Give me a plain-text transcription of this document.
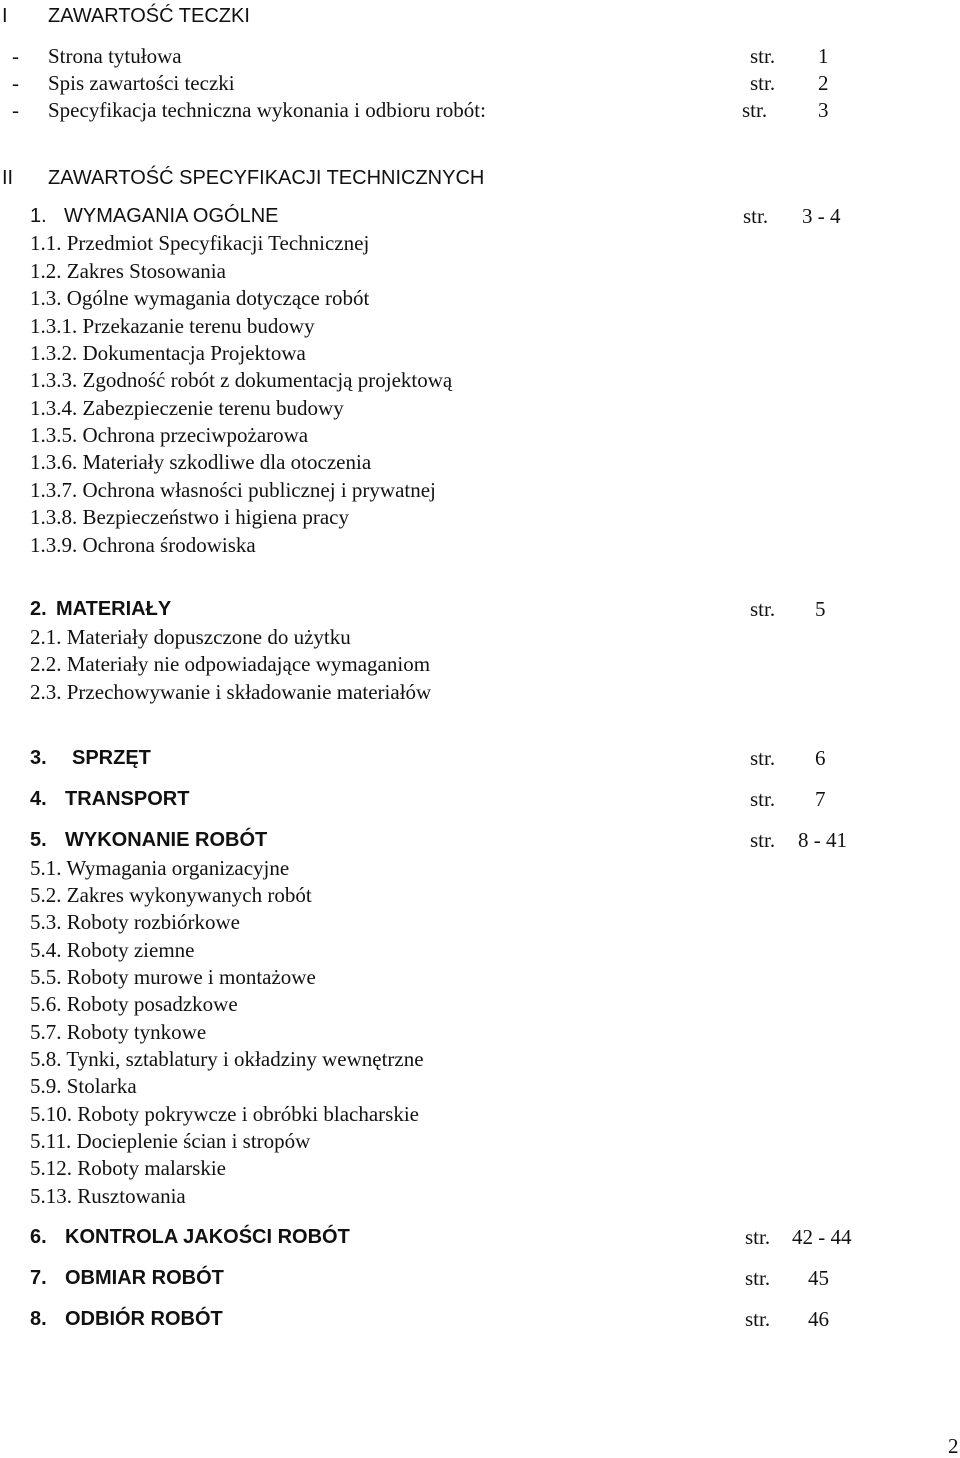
I ZAWARTOŚĆ TECZKI
- Strona tytułowa	str. 1
- Spis zawartości teczki	str. 2
- Specyfikacja techniczna wykonania i odbioru robót:	str. 3
II ZAWARTOŚĆ SPECYFIKACJI TECHNICZNYCH
1. WYMAGANIA OGÓLNE	str. 3 - 4
1.1. Przedmiot Specyfikacji Technicznej
1.2. Zakres Stosowania
1.3. Ogólne wymagania dotyczące robót
1.3.1. Przekazanie terenu budowy
1.3.2. Dokumentacja Projektowa
1.3.3. Zgodność robót z dokumentacją projektową
1.3.4. Zabezpieczenie terenu budowy
1.3.5. Ochrona przeciwpożarowa
1.3.6. Materiały szkodliwe dla otoczenia
1.3.7. Ochrona własności publicznej i prywatnej
1.3.8. Bezpieczeństwo i higiena pracy
1.3.9. Ochrona środowiska
2. MATERIAŁY	str. 5
2.1. Materiały dopuszczone do użytku
2.2. Materiały nie odpowiadające wymaganiom
2.3. Przechowywanie i składowanie materiałów
3. SPRZĘT	str. 6
4. TRANSPORT	str. 7
5. WYKONANIE ROBÓT	str. 8 - 41
5.1. Wymagania organizacyjne
5.2. Zakres wykonywanych robót
5.3. Roboty rozbiórkowe
5.4. Roboty ziemne
5.5. Roboty murowe i montażowe
5.6. Roboty posadzkowe
5.7. Roboty tynkowe
5.8. Tynki, sztablatury i okładziny wewnętrzne
5.9. Stolarka
5.10. Roboty pokrywcze i obróbki blacharskie
5.11. Docieplenie ścian i stropów
5.12. Roboty malarskie
5.13. Rusztowania
6. KONTROLA JAKOŚCI ROBÓT	str. 42 - 44
7. OBMIAR ROBÓT	str. 45
8. ODBIÓR ROBÓT	str. 46
2
